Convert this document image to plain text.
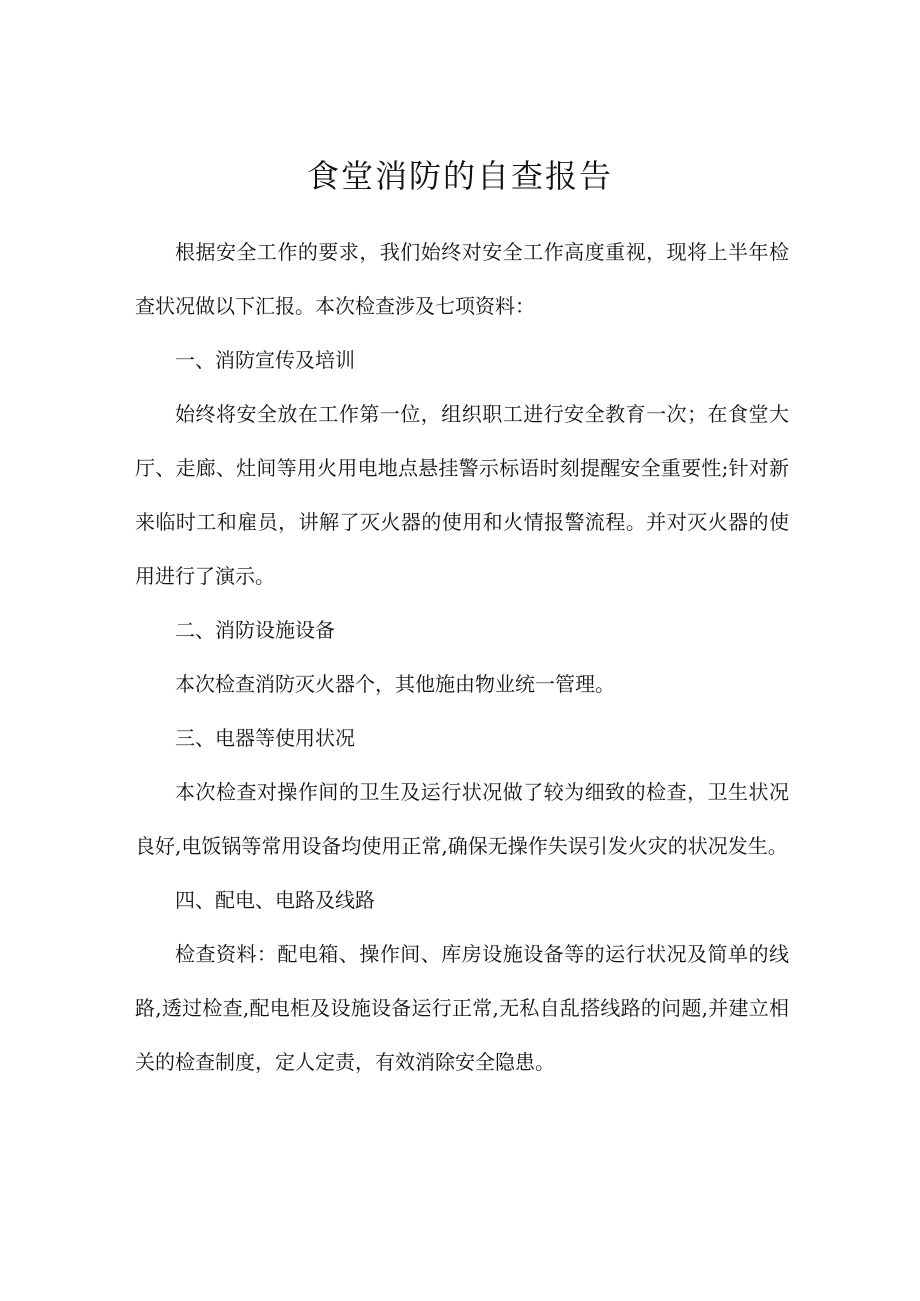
食堂消防的自查报告

根据安全工作的要求，我们始终对安全工作高度重视，现将上半年检查状况做以下汇报。本次检查涉及七项资料：

一、消防宣传及培训

始终将安全放在工作第一位，组织职工进行安全教育一次；在食堂大厅、走廊、灶间等用火用电地点悬挂警示标语时刻提醒安全重要性;针对新来临时工和雇员，讲解了灭火器的使用和火情报警流程。并对灭火器的使用进行了演示。

二、消防设施设备

本次检查消防灭火器个，其他施由物业统一管理。

三、电器等使用状况

本次检查对操作间的卫生及运行状况做了较为细致的检查，卫生状况良好,电饭锅等常用设备均使用正常,确保无操作失误引发火灾的状况发生。

四、配电、电路及线路

检查资料：配电箱、操作间、库房设施设备等的运行状况及简单的线路,透过检查,配电柜及设施设备运行正常,无私自乱搭线路的问题,并建立相关的检查制度，定人定责，有效消除安全隐患。
